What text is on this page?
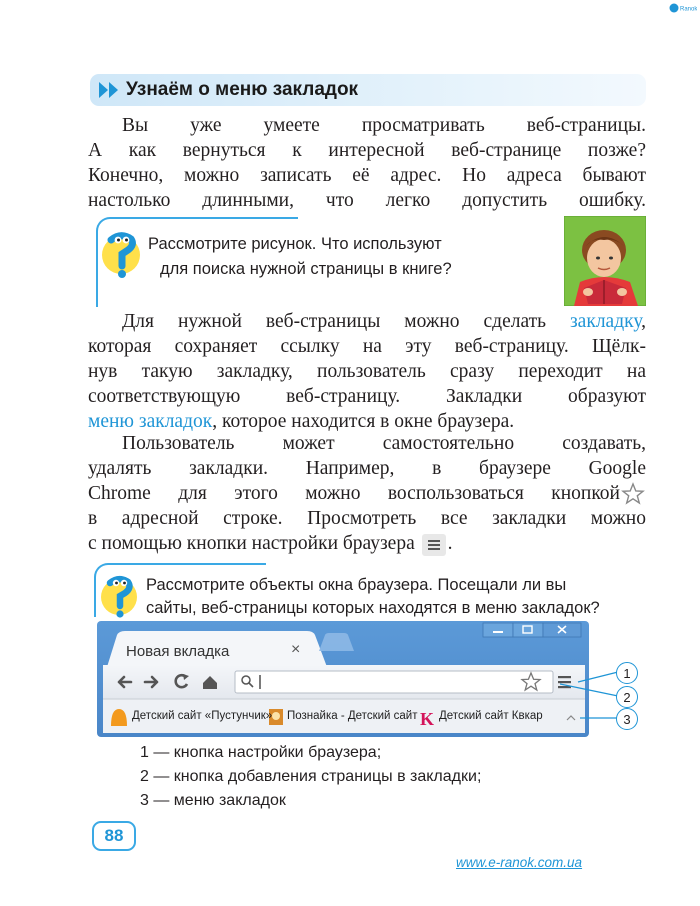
Ranok
Узнаём о меню закладок
Вы уже умеете просматривать веб-страницы.
А как вернуться к интересной веб-странице позже?
Конечно, можно записать её адрес. Но адреса бывают
настолько длинными, что легко допустить ошибку.
Рассмотрите рисунок. Что используют
для поиска нужной страницы в книге?
Для нужной веб-страницы можно сделать закладку,
которая сохраняет ссылку на эту веб-страницу. Щёлк-
нув такую закладку, пользователь сразу переходит на
соответствующую веб-страницу. Закладки образуют
меню закладок, которое находится в окне браузера.
Пользователь может самостоятельно создавать,
удалять закладки. Например, в браузере Google
Chrome для этого можно воспользоваться кнопкой
в адресной строке. Просмотреть все закладки можно
с помощью кнопки настройки браузера .
Рассмотрите объекты окна браузера. Посещали ли вы
сайты, веб-страницы которых находятся в меню закладок?
K
Новая вкладка	×
Детский сайт «Пустунчик» Познайка - Детский сайт Детский сайт Квкар
1
2
3
1 — кнопка настройки браузера;
2 — кнопка добавления страницы в закладки;
3 — меню закладок
88
www.e-ranok.com.ua
